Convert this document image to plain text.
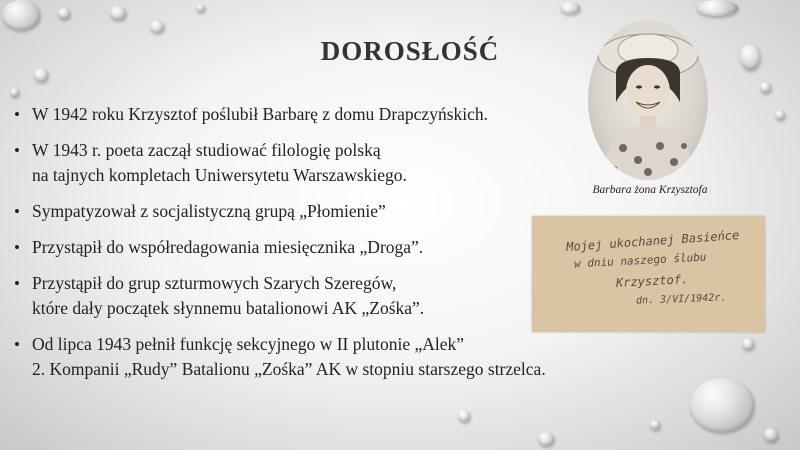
DOROSŁOŚĆ
• W 1942 roku Krzysztof poślubił Barbarę z domu Drapczyńskich.
• W 1943 r. poeta zaczął studiować filologię polską
na tajnych kompletach Uniwersytetu Warszawskiego.
• Sympatyzował z socjalistyczną grupą „Płomienie”
• Przystąpił do współredagowania miesięcznika „Droga”.
• Przystąpił do grup szturmowych Szarych Szeregów,
które dały początek słynnemu batalionowi AK „Zośka”.
• Od lipca 1943 pełnił funkcję sekcyjnego w II plutonie „Alek”
2. Kompanii „Rudy” Batalionu „Zośka” AK w stopniu starszego strzelca.
Barbara żona Krzysztofa
Mojej ukochanej Basieńce
w dniu naszego ślubu
Krzysztof.
dn. 3/VI/1942r.
